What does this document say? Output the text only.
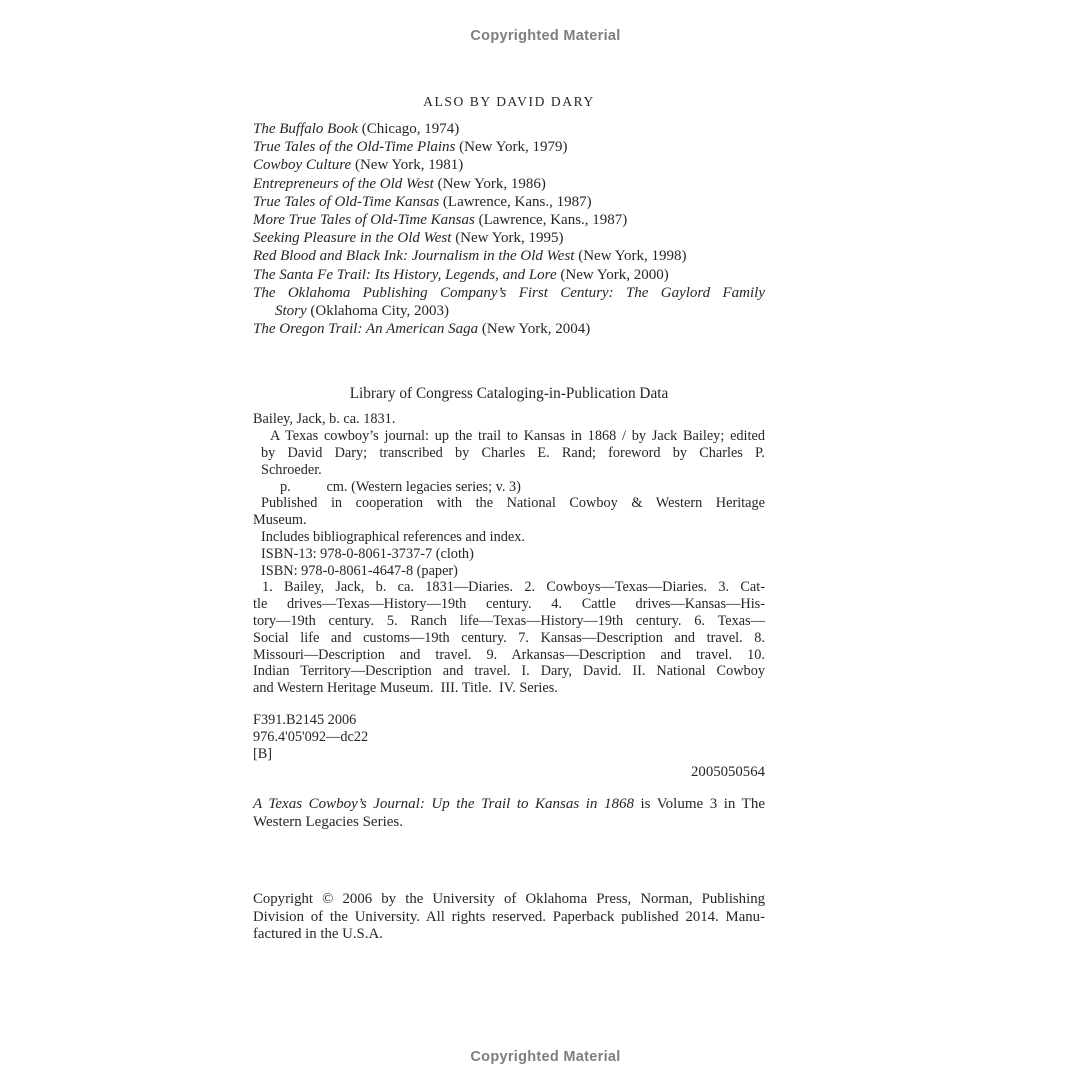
Copyrighted Material
ALSO BY DAVID DARY
The Buffalo Book (Chicago, 1974)
True Tales of the Old-Time Plains (New York, 1979)
Cowboy Culture (New York, 1981)
Entrepreneurs of the Old West (New York, 1986)
True Tales of Old-Time Kansas (Lawrence, Kans., 1987)
More True Tales of Old-Time Kansas (Lawrence, Kans., 1987)
Seeking Pleasure in the Old West (New York, 1995)
Red Blood and Black Ink: Journalism in the Old West (New York, 1998)
The Santa Fe Trail: Its History, Legends, and Lore (New York, 2000)
The Oklahoma Publishing Company’s First Century: The Gaylord Family
Story (Oklahoma City, 2003)
The Oregon Trail: An American Saga (New York, 2004)
Library of Congress Cataloging-in-Publication Data
Bailey, Jack, b. ca. 1831.
A Texas cowboy’s journal: up the trail to Kansas in 1868 / by Jack Bailey; edited
by David Dary; transcribed by Charles E. Rand; foreword by Charles P.
Schroeder.
p.          cm. (Western legacies series; v. 3)
Published in cooperation with the National Cowboy & Western Heritage
Museum.
Includes bibliographical references and index.
ISBN-13: 978-0-8061-3737-7 (cloth)
ISBN: 978-0-8061-4647-8 (paper)
1. Bailey, Jack, b. ca. 1831—Diaries. 2. Cowboys—Texas—Diaries. 3. Cat-
tle drives—Texas—History—19th century. 4. Cattle drives—Kansas—His-
tory—19th century. 5. Ranch life—Texas—History—19th century. 6. Texas—
Social life and customs—19th century. 7. Kansas—Description and travel. 8.
Missouri—Description and travel. 9. Arkansas—Description and travel. 10.
Indian Territory—Description and travel. I. Dary, David. II. National Cowboy
and Western Heritage Museum.  III. Title.  IV. Series.
F391.B2145 2006
976.4'05'092—dc22
[B]
2005050564
A Texas Cowboy’s Journal: Up the Trail to Kansas in 1868 is Volume 3 in The
Western Legacies Series.
Copyright © 2006 by the University of Oklahoma Press, Norman, Publishing
Division of the University. All rights reserved. Paperback published 2014. Manu-
factured in the U.S.A.
Copyrighted Material
